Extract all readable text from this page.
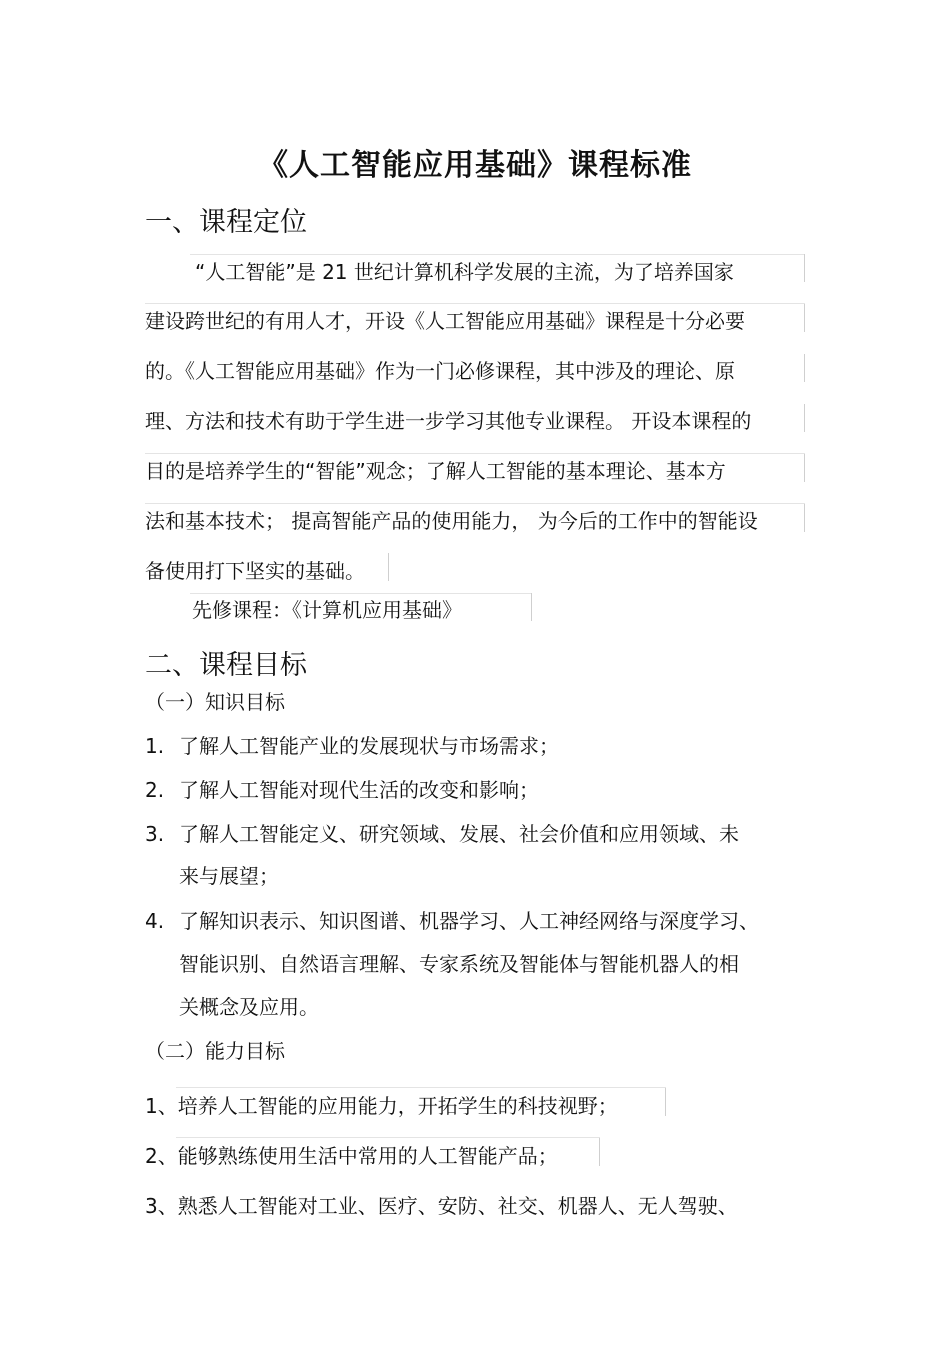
《人工智能应用基础》课程标准
一、课程定位
“人工智能”是 21 世纪计算机科学发展的主流，为了培养国家
建设跨世纪的有用人才，开设《人工智能应用基础》课程是十分必要
的。《人工智能应用基础》作为一门必修课程，其中涉及的理论、原
理、方法和技术有助于学生进一步学习其他专业课程。 开设本课程的
目的是培养学生的“智能”观念；了解人工智能的基本理论、基本方
法和基本技术； 提高智能产品的使用能力， 为今后的工作中的智能设
备使用打下坚实的基础。
先修课程：《计算机应用基础》
二、课程目标
（一）知识目标
1. 了解人工智能产业的发展现状与市场需求；
2. 了解人工智能对现代生活的改变和影响；
3. 了解人工智能定义、研究领域、发展、社会价值和应用领域、未
来与展望；
4. 了解知识表示、知识图谱、机器学习、人工神经网络与深度学习、
智能识别、自然语言理解、专家系统及智能体与智能机器人的相
关概念及应用。
（二）能力目标
1、培养人工智能的应用能力，开拓学生的科技视野；
2、能够熟练使用生活中常用的人工智能产品；
3、熟悉人工智能对工业、医疗、安防、社交、机器人、无人驾驶、
